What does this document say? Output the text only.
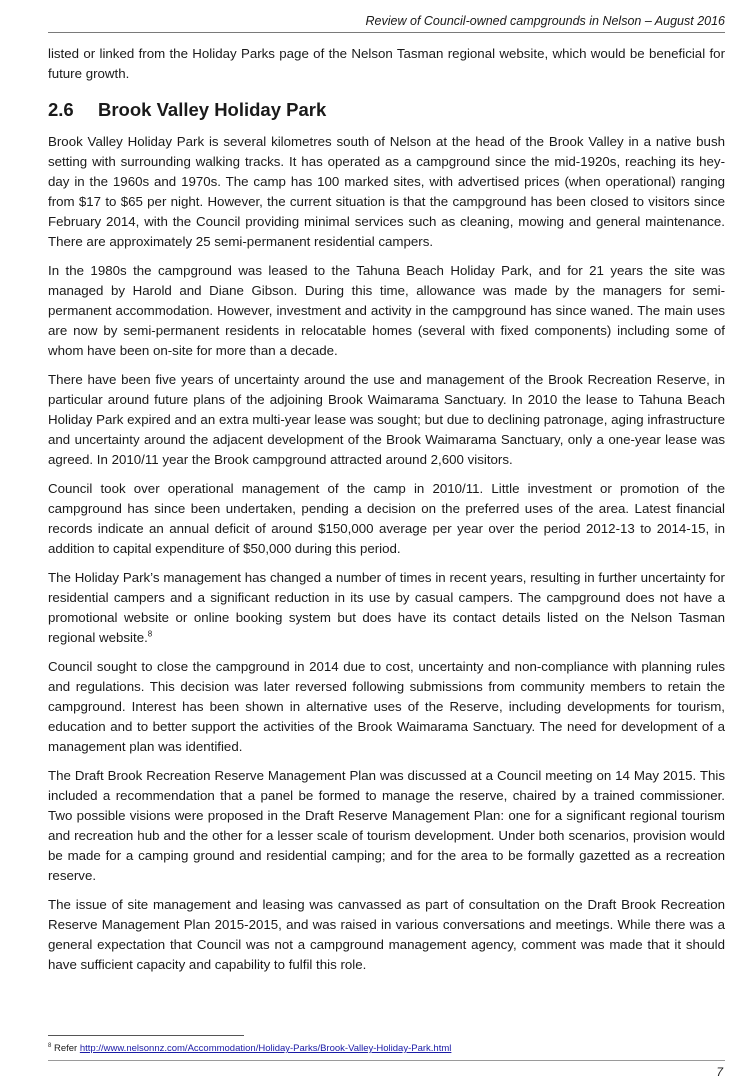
Review of Council-owned campgrounds in Nelson – August 2016

listed or linked from the Holiday Parks page of the Nelson Tasman regional website, which would be beneficial for future growth.

2.6 Brook Valley Holiday Park

Brook Valley Holiday Park is several kilometres south of Nelson at the head of the Brook Valley in a native bush setting with surrounding walking tracks. It has operated as a campground since the mid-1920s, reaching its hey-day in the 1960s and 1970s. The camp has 100 marked sites, with advertised prices (when operational) ranging from $17 to $65 per night. However, the current situation is that the campground has been closed to visitors since February 2014, with the Council providing minimal services such as cleaning, mowing and general maintenance. There are approximately 25 semi-permanent residential campers.

In the 1980s the campground was leased to the Tahuna Beach Holiday Park, and for 21 years the site was managed by Harold and Diane Gibson. During this time, allowance was made by the managers for semi-permanent accommodation. However, investment and activity in the campground has since waned. The main uses are now by semi-permanent residents in relocatable homes (several with fixed components) including some of whom have been on-site for more than a decade.

There have been five years of uncertainty around the use and management of the Brook Recreation Reserve, in particular around future plans of the adjoining Brook Waimarama Sanctuary. In 2010 the lease to Tahuna Beach Holiday Park expired and an extra multi-year lease was sought; but due to declining patronage, aging infrastructure and uncertainty around the adjacent development of the Brook Waimarama Sanctuary, only a one-year lease was agreed. In 2010/11 year the Brook campground attracted around 2,600 visitors.

Council took over operational management of the camp in 2010/11. Little investment or promotion of the campground has since been undertaken, pending a decision on the preferred uses of the area. Latest financial records indicate an annual deficit of around $150,000 average per year over the period 2012-13 to 2014-15, in addition to capital expenditure of $50,000 during this period.

The Holiday Park’s management has changed a number of times in recent years, resulting in further uncertainty for residential campers and a significant reduction in its use by casual campers. The campground does not have a promotional website or online booking system but does have its contact details listed on the Nelson Tasman regional website.$^8$

Council sought to close the campground in 2014 due to cost, uncertainty and non-compliance with planning rules and regulations. This decision was later reversed following submissions from community members to retain the campground. Interest has been shown in alternative uses of the Reserve, including developments for tourism, education and to better support the activities of the Brook Waimarama Sanctuary. The need for development of a management plan was identified.

The Draft Brook Recreation Reserve Management Plan was discussed at a Council meeting on 14 May 2015. This included a recommendation that a panel be formed to manage the reserve, chaired by a trained commissioner. Two possible visions were proposed in the Draft Reserve Management Plan: one for a significant regional tourism and recreation hub and the other for a lesser scale of tourism development. Under both scenarios, provision would be made for a camping ground and residential camping; and for the area to be formally gazetted as a recreation reserve.

The issue of site management and leasing was canvassed as part of consultation on the Draft Brook Recreation Reserve Management Plan 2015-2015, and was raised in various conversations and meetings. While there was a general expectation that Council was not a campground management agency, comment was made that it should have sufficient capacity and capability to fulfil this role.

$^8$ Refer http://www.nelsonnz.com/Accommodation/Holiday-Parks/Brook-Valley-Holiday-Park.html
7
